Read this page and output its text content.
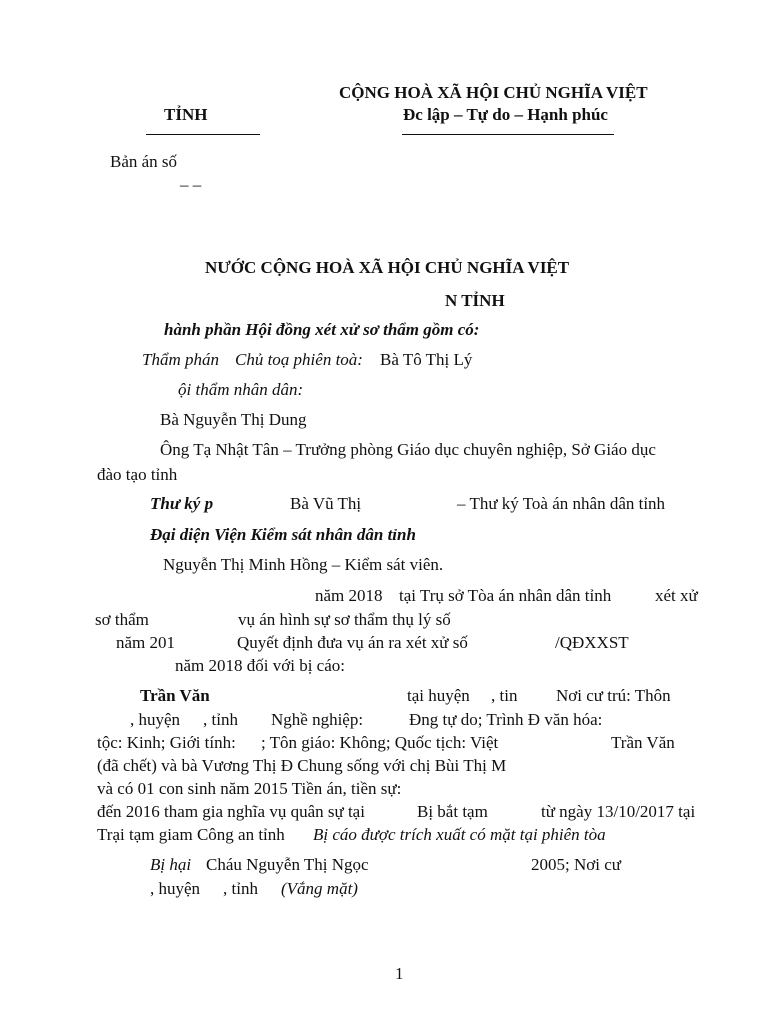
CỘNG HOÀ XÃ HỘI CHỦ NGHĨA VIỆT
TỈNH	Đc lập – Tự do – Hạnh phúc
Bản án số
– –
NƯỚC CỘNG HOÀ XÃ HỘI CHỦ NGHĨA VIỆT
N TỈNH
hành phần Hội đồng xét xử sơ thẩm gồm có:
Thẩm phán Chủ toạ phiên toà: Bà Tô Thị Lý
ội thẩm nhân dân:
Bà Nguyễn Thị Dung
Ông Tạ Nhật Tân – Trưởng phòng Giáo dục chuyên nghiệp, Sở Giáo dục
đào tạo tỉnh
Thư ký p	Bà Vũ Thị	– Thư ký Toà án nhân dân tỉnh
Đại diện Viện Kiểm sát nhân dân tỉnh
Nguyễn Thị Minh Hồng – Kiểm sát viên.
năm 2018 tại Trụ sở Tòa án nhân dân tỉnh	xét xử
sơ thẩm	vụ án hình sự sơ thẩm thụ lý số
năm 201	Quyết định đưa vụ án ra xét xử số	/QĐXXST
năm 2018 đối với bị cáo:
Trần Văn	tại huyện , tin Nơi cư trú: Thôn
, huyện , tỉnh Nghề nghiệp:	Đng tự do; Trình Đ văn hóa:
tộc: Kinh; Giới tính: ; Tôn giáo: Không; Quốc tịch: Việt	Trần Văn
(đã chết) và bà Vương Thị Đ Chung sống với chị Bùi Thị M
và có 01 con sinh năm 2015 Tiền án, tiền sự:
đến 2016 tham gia nghĩa vụ quân sự tại	Bị bắt tạm	từ ngày 13/10/2017 tại
Trại tạm giam Công an tỉnh Bị cáo được trích xuất có mặt tại phiên tòa
Bị hại Cháu Nguyễn Thị Ngọc	2005; Nơi cư
, huyện , tỉnh (Vắng mặt)
1
